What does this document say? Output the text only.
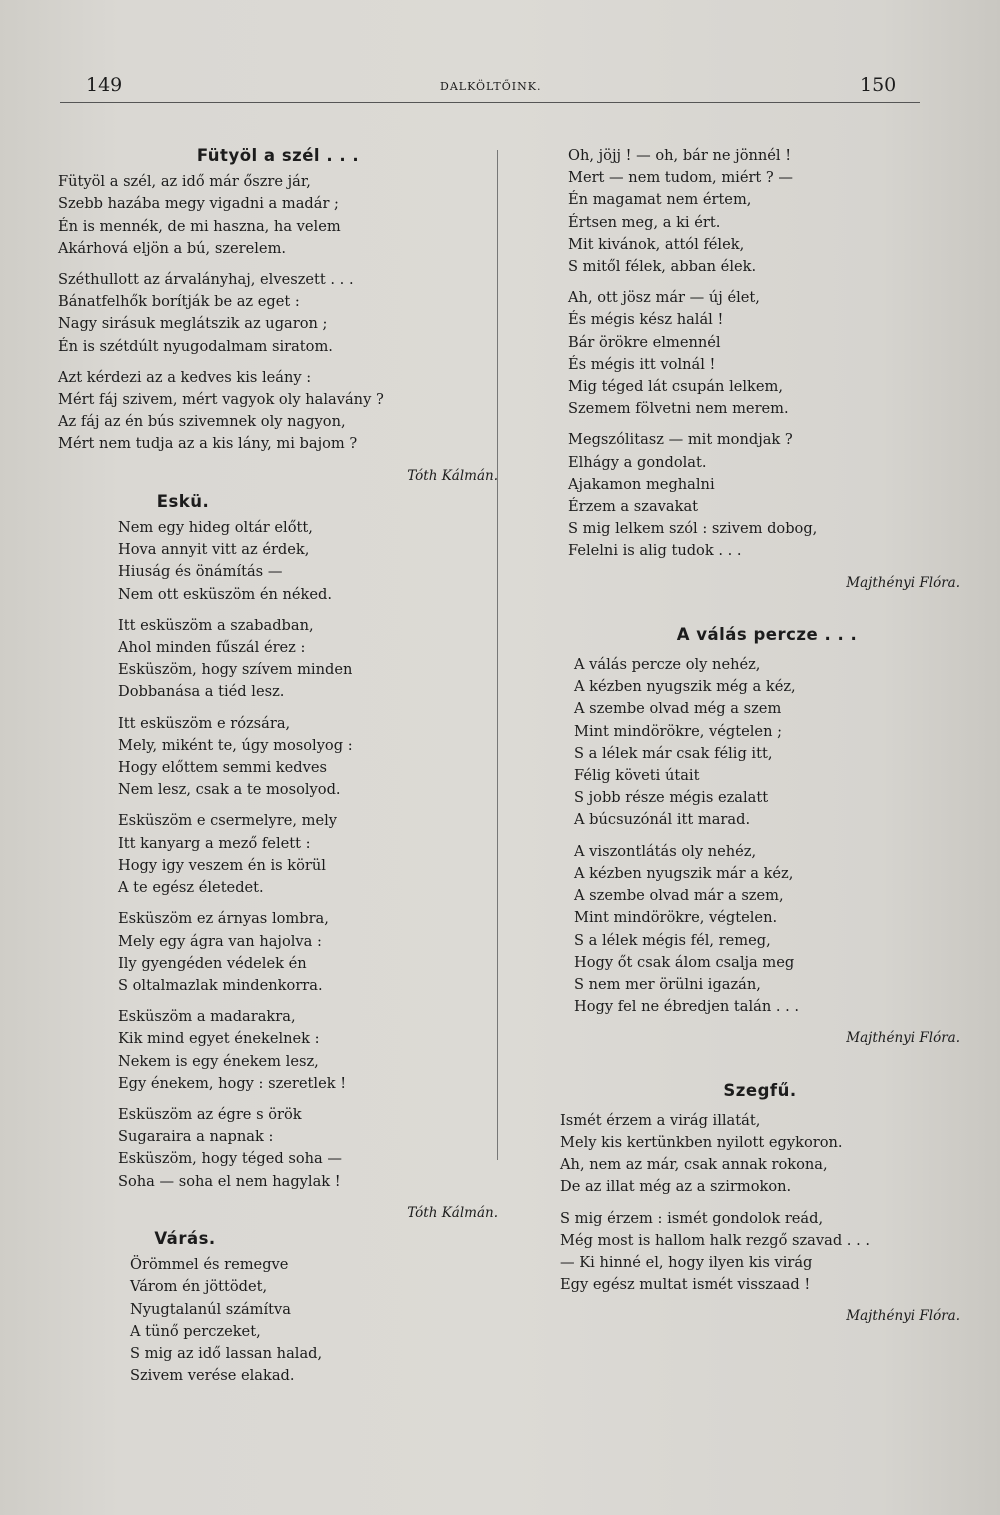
149	DALKÖLTŐINK.	150
Fütyöl a szél . . .
Fütyöl a szél, az idő már őszre jár,
Szebb hazába megy vigadni a madár ;
Én is mennék, de mi haszna, ha velem
Akárhová eljön a bú, szerelem.
Széthullott az árvalányhaj, elveszett . . .
Bánatfelhők borítják be az eget :
Nagy sirásuk meglátszik az ugaron ;
Én is szétdúlt nyugodalmam siratom.
Azt kérdezi az a kedves kis leány :
Mért fáj szivem, mért vagyok oly halavány ?
Az fáj az én bús szivemnek oly nagyon,
Mért nem tudja az a kis lány, mi bajom ?
Tóth Kálmán.
Eskü.
Nem egy hideg oltár előtt,
Hova annyit vitt az érdek,
Hiuság és önámítás —
Nem ott esküszöm én néked.
Itt esküszöm a szabadban,
Ahol minden fűszál érez :
Esküszöm, hogy szívem minden
Dobbanása a tiéd lesz.
Itt esküszöm e rózsára,
Mely, miként te, úgy mosolyog :
Hogy előttem semmi kedves
Nem lesz, csak a te mosolyod.
Esküszöm e csermelyre, mely
Itt kanyarg a mező felett :
Hogy igy veszem én is körül
A te egész életedet.
Esküszöm ez árnyas lombra,
Mely egy ágra van hajolva :
Ily gyengéden védelek én
S oltalmazlak mindenkorra.
Esküszöm a madarakra,
Kik mind egyet énekelnek :
Nekem is egy énekem lesz,
Egy énekem, hogy : szeretlek !
Esküszöm az égre s örök
Sugaraira a napnak :
Esküszöm, hogy téged soha —
Soha — soha el nem hagylak !
Tóth Kálmán.
Várás.
Örömmel és remegve
Várom én jöttödet,
Nyugtalanúl számítva
A tünő perczeket,
S mig az idő lassan halad,
Szivem verése elakad.
Oh, jöjj ! — oh, bár ne jönnél !
Mert — nem tudom, miért ? —
Én magamat nem értem,
Értsen meg, a ki ért.
Mit kivánok, attól félek,
S mitől félek, abban élek.
Ah, ott jösz már — új élet,
És mégis kész halál !
Bár örökre elmennél
És mégis itt volnál !
Mig téged lát csupán lelkem,
Szemem fölvetni nem merem.
Megszólitasz — mit mondjak ?
Elhágy a gondolat.
Ajakamon meghalni
Érzem a szavakat
S mig lelkem szól : szivem dobog,
Felelni is alig tudok . . .
Majthényi Flóra.
A válás percze . . .
A válás percze oly nehéz,
A kézben nyugszik még a kéz,
A szembe olvad még a szem
Mint mindörökre, végtelen ;
S a lélek már csak félig itt,
Félig követi útait
S jobb része mégis ezalatt
A búcsuzónál itt marad.
A viszontlátás oly nehéz,
A kézben nyugszik már a kéz,
A szembe olvad már a szem,
Mint mindörökre, végtelen.
S a lélek mégis fél, remeg,
Hogy őt csak álom csalja meg
S nem mer örülni igazán,
Hogy fel ne ébredjen talán . . .
Majthényi Flóra.
Szegfű.
Ismét érzem a virág illatát,
Mely kis kertünkben nyilott egykoron.
Ah, nem az már, csak annak rokona,
De az illat még az a szirmokon.
S mig érzem : ismét gondolok reád,
Még most is hallom halk rezgő szavad . . .
— Ki hinné el, hogy ilyen kis virág
Egy egész multat ismét visszaad !
Majthényi Flóra.
